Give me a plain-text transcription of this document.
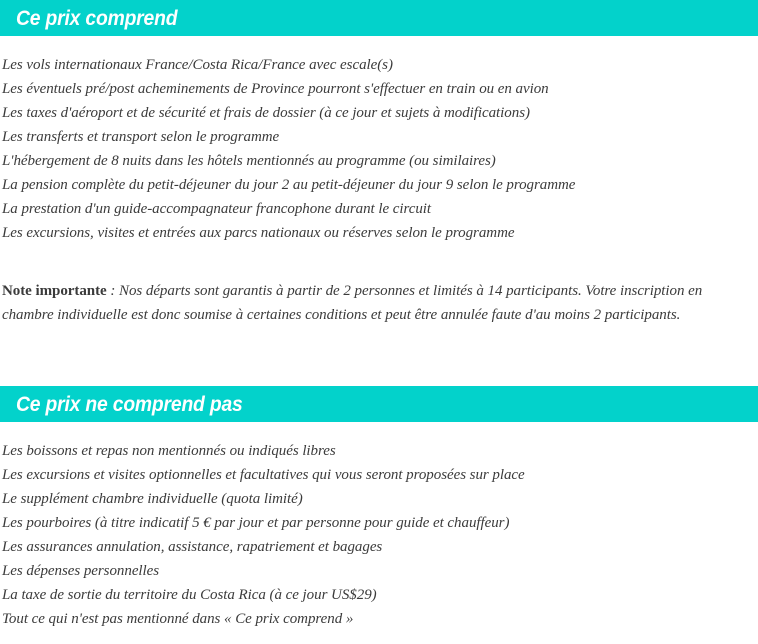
Ce prix comprend
Les vols internationaux France/Costa Rica/France avec escale(s)
Les éventuels pré/post acheminements de Province pourront s'effectuer en train ou en avion
Les taxes d'aéroport et de sécurité et frais de dossier (à ce jour et sujets à modifications)
Les transferts et transport selon le programme
L'hébergement de 8 nuits dans les hôtels mentionnés au programme (ou similaires)
La pension complète du petit-déjeuner du jour 2 au petit-déjeuner du jour 9 selon le programme
La prestation d'un guide-accompagnateur francophone durant le circuit
Les excursions, visites et entrées aux parcs nationaux ou réserves selon le programme

Note importante : Nos départs sont garantis à partir de 2 personnes et limités à 14 participants. Votre inscription en chambre individuelle est donc soumise à certaines conditions et peut être annulée faute d'au moins 2 participants.

Ce prix ne comprend pas
Les boissons et repas non mentionnés ou indiqués libres
Les excursions et visites optionnelles et facultatives qui vous seront proposées sur place
Le supplément chambre individuelle (quota limité)
Les pourboires (à titre indicatif 5 € par jour et par personne pour guide et chauffeur)
Les assurances annulation, assistance, rapatriement et bagages
Les dépenses personnelles
La taxe de sortie du territoire du Costa Rica (à ce jour US$29)
Tout ce qui n'est pas mentionné dans « Ce prix comprend »
